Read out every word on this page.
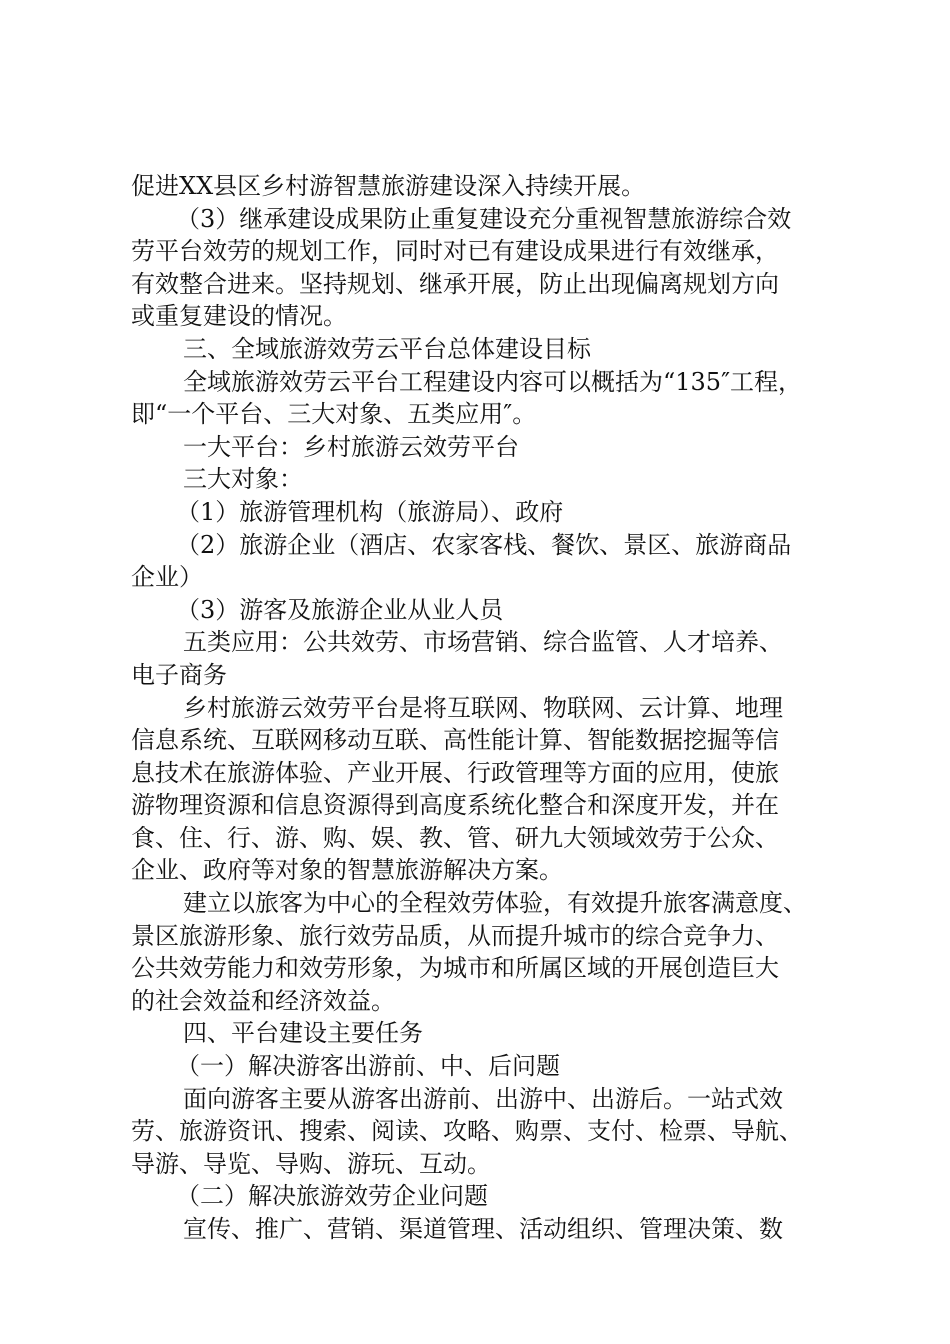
促进XX县区乡村游智慧旅游建设深入持续开展。
（3）继承建设成果防止重复建设充分重视智慧旅游综合效
劳平台效劳的规划工作，同时对已有建设成果进行有效继承，
有效整合进来。坚持规划、继承开展，防止出现偏离规划方向
或重复建设的情况。
三、全域旅游效劳云平台总体建设目标
全域旅游效劳云平台工程建设内容可以概括为“135″工程，
即“一个平台、三大对象、五类应用″。
一大平台：乡村旅游云效劳平台
三大对象：
（1）旅游管理机构（旅游局）、政府
（2）旅游企业（酒店、农家客栈、餐饮、景区、旅游商品
企业）
（3）游客及旅游企业从业人员
五类应用：公共效劳、市场营销、综合监管、人才培养、
电子商务
乡村旅游云效劳平台是将互联网、物联网、云计算、地理
信息系统、互联网移动互联、高性能计算、智能数据挖掘等信
息技术在旅游体验、产业开展、行政管理等方面的应用，使旅
游物理资源和信息资源得到高度系统化整合和深度开发，并在
食、住、行、游、购、娱、教、管、研九大领域效劳于公众、
企业、政府等对象的智慧旅游解决方案。
建立以旅客为中心的全程效劳体验，有效提升旅客满意度、
景区旅游形象、旅行效劳品质，从而提升城市的综合竞争力、
公共效劳能力和效劳形象，为城市和所属区域的开展创造巨大
的社会效益和经济效益。
四、平台建设主要任务
（一）解决游客出游前、中、后问题
面向游客主要从游客出游前、出游中、出游后。一站式效
劳、旅游资讯、搜索、阅读、攻略、购票、支付、检票、导航、
导游、导览、导购、游玩、互动。
（二）解决旅游效劳企业问题
宣传、推广、营销、渠道管理、活动组织、管理决策、数
